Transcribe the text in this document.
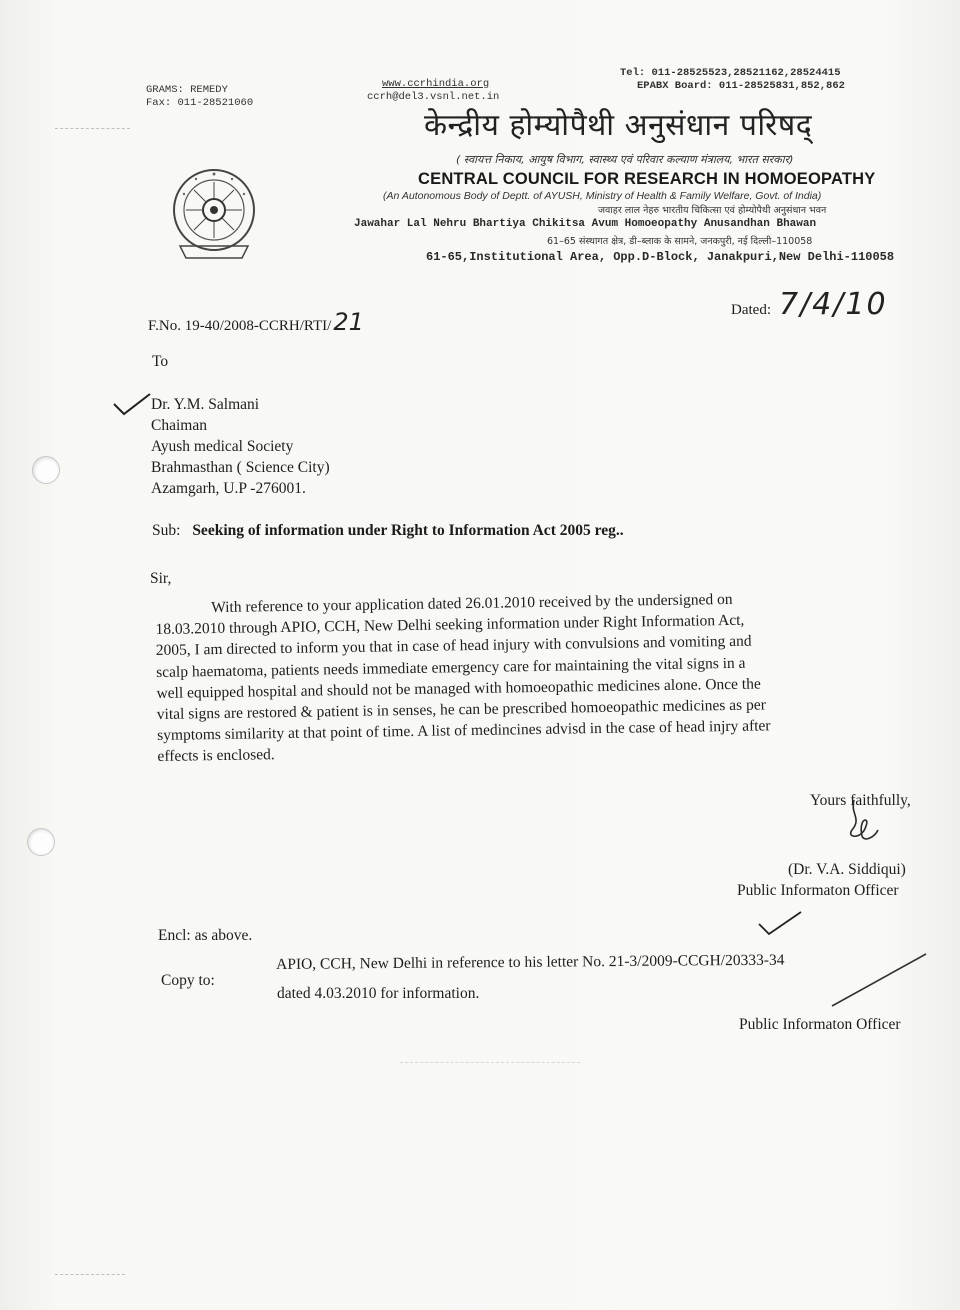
GRAMS: REMEDY
Fax: 011-28521060
www.ccrhindia.org
ccrh@del3.vsnl.net.in
Tel: 011-28525523,28521162,28524415
EPABX Board: 011-28525831,852,862
केन्द्रीय होम्योपैथी अनुसंधान परिषद्
( स्वायत्त निकाय, आयुष विभाग, स्वास्थ्य एवं परिवार कल्याण मंत्रालय, भारत सरकार)
CENTRAL COUNCIL FOR RESEARCH IN HOMOEOPATHY
(An Autonomous Body of Deptt. of AYUSH, Ministry of Health & Family Welfare, Govt. of India)
जवाहर लाल नेहरु भारतीय चिकित्सा एवं होम्योपैथी अनुसंधान भवन
Jawahar Lal Nehru Bhartiya Chikitsa Avum Homoeopathy Anusandhan Bhawan
61–65 संस्थागत क्षेत्र, डी–ब्लाक के सामने, जनकपुरी, नई दिल्ली–110058
61-65,Institutional Area, Opp.D-Block, Janakpuri,New Delhi-110058
F.No. 19-40/2008-CCRH/RTI/21	Dated: 7/4/10
To
Dr. Y.M. Salmani
Chaiman
Ayush medical Society
Brahmasthan ( Science City)
Azamgarh, U.P -276001.
Sub: Seeking of information under Right to Information Act 2005 reg..
Sir,
With reference to your application dated 26.01.2010 received by the undersigned on
18.03.2010 through APIO, CCH, New Delhi seeking information under Right Information Act,
2005, I am directed to inform you that in case of head injury with convulsions and vomiting and
scalp haematoma, patients needs immediate emergency care for maintaining the vital signs in a
well equipped hospital and should not be managed with homoeopathic medicines alone. Once the
vital signs are restored & patient is in senses, he can be prescribed homoeopathic medicines as per
symptoms similarity at that point of time. A list of medincines advisd in the case of head injry after
effects is enclosed.
Yours faithfully,
(Dr. V.A. Siddiqui)
Public Informaton Officer
Encl: as above.
Copy to:
APIO, CCH, New Delhi in reference to his letter No. 21-3/2009-CCGH/20333-34
dated 4.03.2010 for information.
Public Informaton Officer
